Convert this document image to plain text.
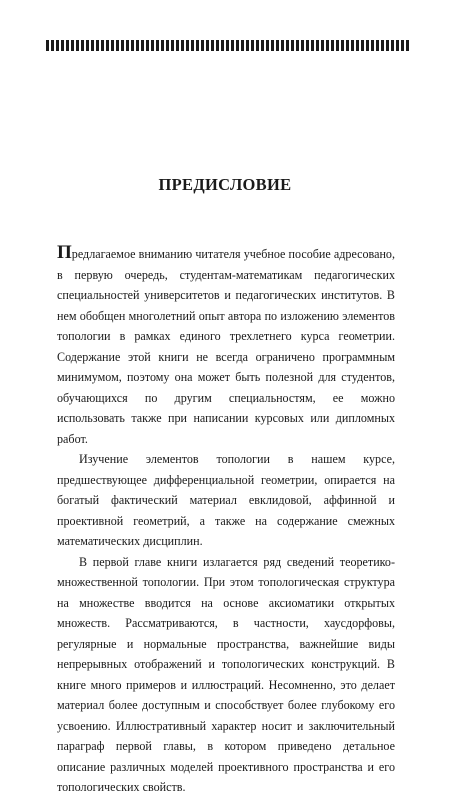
ПРЕДИСЛОВИЕ

Предлагаемое вниманию читателя учебное пособие адресовано, в первую очередь, студентам-математикам педагогических специальностей университетов и педагогических институтов. В нем обобщен многолетний опыт автора по изложению элементов топологии в рамках единого трехлетнего курса геометрии. Содержание этой книги не всегда ограничено программным минимумом, поэтому она может быть полезной для студентов, обучающихся по другим специальностям, ее можно использовать также при написании курсовых или дипломных работ.

Изучение элементов топологии в нашем курсе, предшествующее дифференциальной геометрии, опирается на богатый фактический материал евклидовой, аффинной и проективной геометрий, а также на содержание смежных математических дисциплин.

В первой главе книги излагается ряд сведений теоретико-множественной топологии. При этом топологическая структура на множестве вводится на основе аксиоматики открытых множеств. Рассматриваются, в частности, хаусдорфовы, регулярные и нормальные пространства, важнейшие виды непрерывных отображений и топологических конструкций. В книге много примеров и иллюстраций. Несомненно, это делает материал более доступным и способствует более глубокому его усвоению. Иллюстративный характер носит и заключительный параграф первой главы, в котором приведено детальное описание различных моделей проективного пространства и его топологических свойств.
